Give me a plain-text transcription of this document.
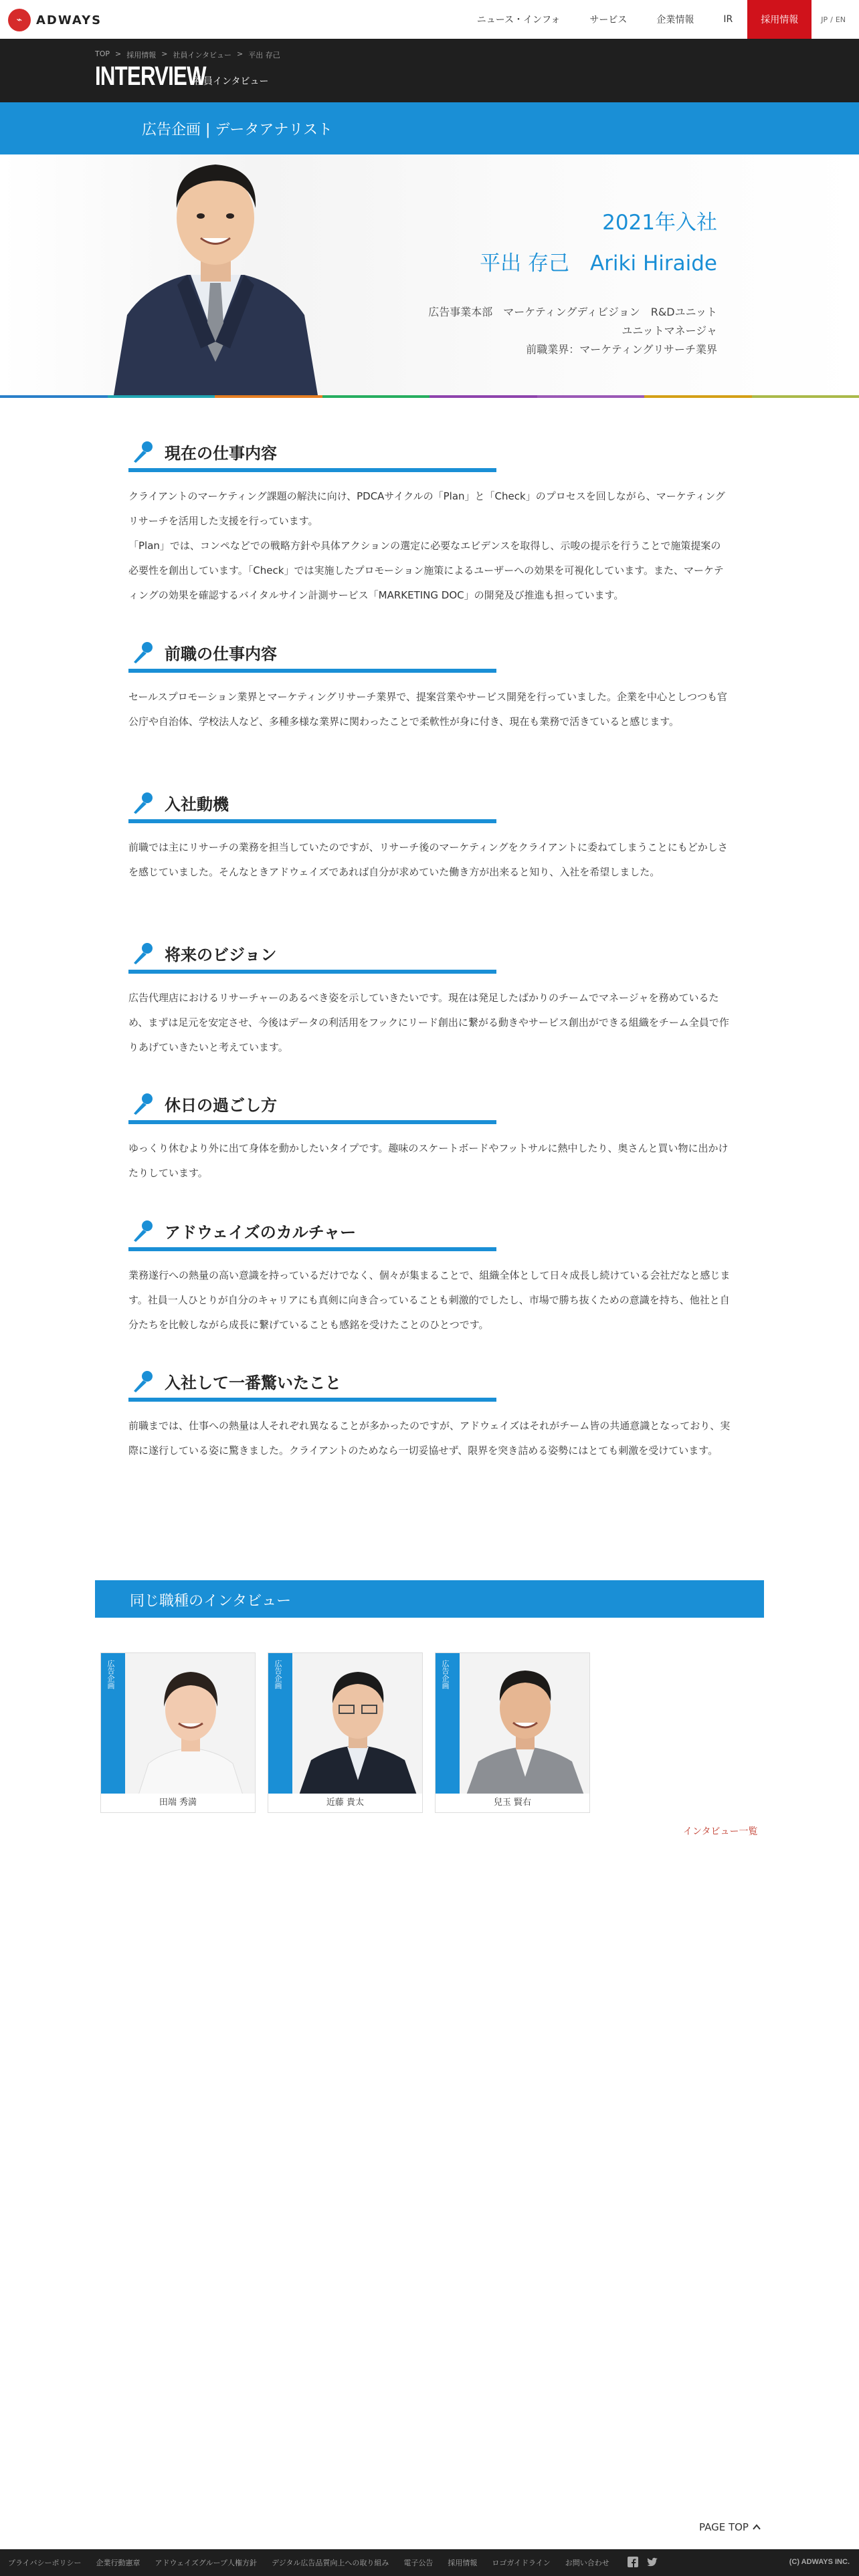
⌁	ADWAYS	ニュース・インフォ	サービス	企業情報	IR	採用情報	JP / EN
TOP > 採用情報 > 社員インタビュー > 平出 存己
INTERVIEW
社員インタビュー
広告企画 | データアナリスト
2021年入社
平出 存己　Ariki Hiraide
広告事業本部　マーケティングディビジョン　R&Dユニット
ユニットマネージャ
前職業界：マーケティングリサーチ業界
現在の仕事内容

クライアントのマーケティング課題の解決に向け、PDCAサイクルの「Plan」と「Check」のプロセスを回しながら、マーケティングリサーチを活用した支援を行っています。

「Plan」では、コンペなどでの戦略方針や具体アクションの選定に必要なエビデンスを取得し、示唆の提示を行うことで施策提案の必要性を創出しています。「Check」では実施したプロモーション施策によるユーザーへの効果を可視化しています。また、マーケティングの効果を確認するバイタルサイン計測サービス「MARKETING DOC」の開発及び推進も担っています。

前職の仕事内容

セールスプロモーション業界とマーケティングリサーチ業界で、提案営業やサービス開発を行っていました。企業を中心としつつも官公庁や自治体、学校法人など、多種多様な業界に関わったことで柔軟性が身に付き、現在も業務で活きていると感じます。

入社動機

前職では主にリサーチの業務を担当していたのですが、リサーチ後のマーケティングをクライアントに委ねてしまうことにもどかしさを感じていました。そんなときアドウェイズであれば自分が求めていた働き方が出来ると知り、入社を希望しました。

将来のビジョン

広告代理店におけるリサーチャーのあるべき姿を示していきたいです。現在は発足したばかりのチームでマネージャを務めているため、まずは足元を安定させ、今後はデータの利活用をフックにリード創出に繋がる動きやサービス創出ができる組織をチーム全員で作りあげていきたいと考えています。

休日の過ごし方

ゆっくり休むより外に出て身体を動かしたいタイプです。趣味のスケートボードやフットサルに熱中したり、奥さんと買い物に出かけたりしています。

アドウェイズのカルチャー

業務遂行への熱量の高い意識を持っているだけでなく、個々が集まることで、組織全体として日々成長し続けている会社だなと感じます。社員一人ひとりが自分のキャリアにも真剣に向き合っていることも刺激的でしたし、市場で勝ち抜くための意識を持ち、他社と自分たちを比較しながら成長に繋げていることも感銘を受けたことのひとつです。

入社して一番驚いたこと

前職までは、仕事への熱量は人それぞれ異なることが多かったのですが、アドウェイズはそれがチーム皆の共通意識となっており、実際に遂行している姿に驚きました。クライアントのためなら一切妥協せず、限界を突き詰める姿勢にはとても刺激を受けています。

同じ職種のインタビュー
広告企画
田端 秀満
広告企画
近藤 貴太
広告企画
兒玉 賢右
インタビュー一覧
PAGE TOP
プライバシーポリシー 企業行動憲章 アドウェイズグループ人権方針 デジタル広告品質向上への取り組み 電子公告 採用情報 ロゴガイドライン お問い合わせ	(C) ADWAYS INC.
